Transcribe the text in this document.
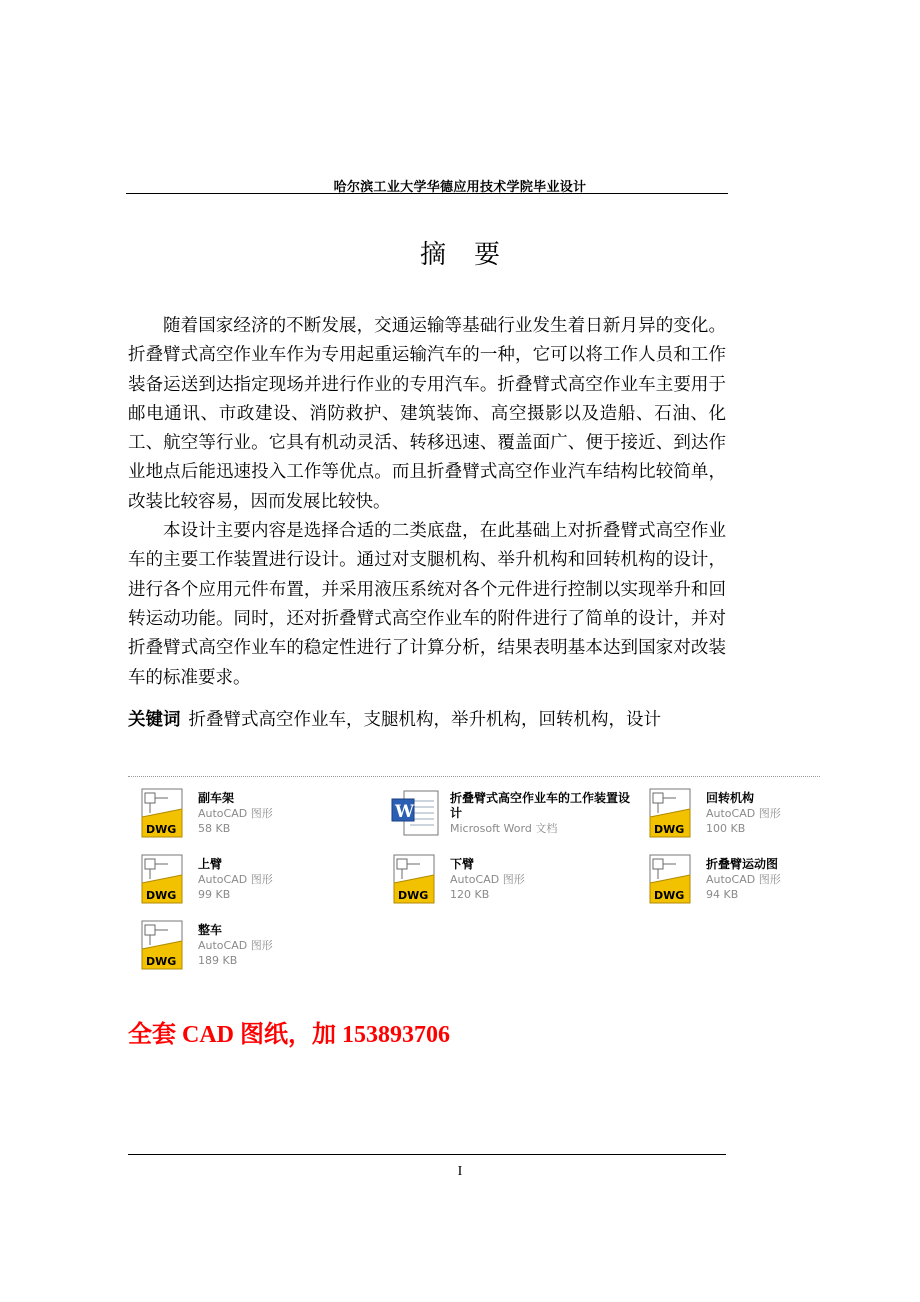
哈尔滨工业大学华德应用技术学院毕业设计
摘要

随着国家经济的不断发展，交通运输等基础行业发生着日新月异的变化。折叠臂式高空作业车作为专用起重运输汽车的一种，它可以将工作人员和工作装备运送到达指定现场并进行作业的专用汽车。折叠臂式高空作业车主要用于邮电通讯、市政建设、消防救护、建筑装饰、高空摄影以及造船、石油、化工、航空等行业。它具有机动灵活、转移迅速、覆盖面广、便于接近、到达作业地点后能迅速投入工作等优点。而且折叠臂式高空作业汽车结构比较简单，改装比较容易，因而发展比较快。

本设计主要内容是选择合适的二类底盘，在此基础上对折叠臂式高空作业车的主要工作装置进行设计。通过对支腿机构、举升机构和回转机构的设计，进行各个应用元件布置，并采用液压系统对各个元件进行控制以实现举升和回转运动功能。同时，还对折叠臂式高空作业车的附件进行了简单的设计，并对折叠臂式高空作业车的稳定性进行了计算分析，结果表明基本达到国家对改装车的标准要求。

关键词 折叠臂式高空作业车，支腿机构，举升机构，回转机构，设计
DWG
副车架
AutoCAD 图形
58 KB
W
折叠臂式高空作业车的工作装置设计
Microsoft Word 文档	DWG
回转机构
AutoCAD 图形
100 KB
DWG
上臂
AutoCAD 图形
99 KB	DWG
下臂
AutoCAD 图形
120 KB	DWG
折叠臂运动图
AutoCAD 图形
94 KB
DWG
整车
AutoCAD 图形
189 KB
全套 CAD 图纸，加 153893706
I
